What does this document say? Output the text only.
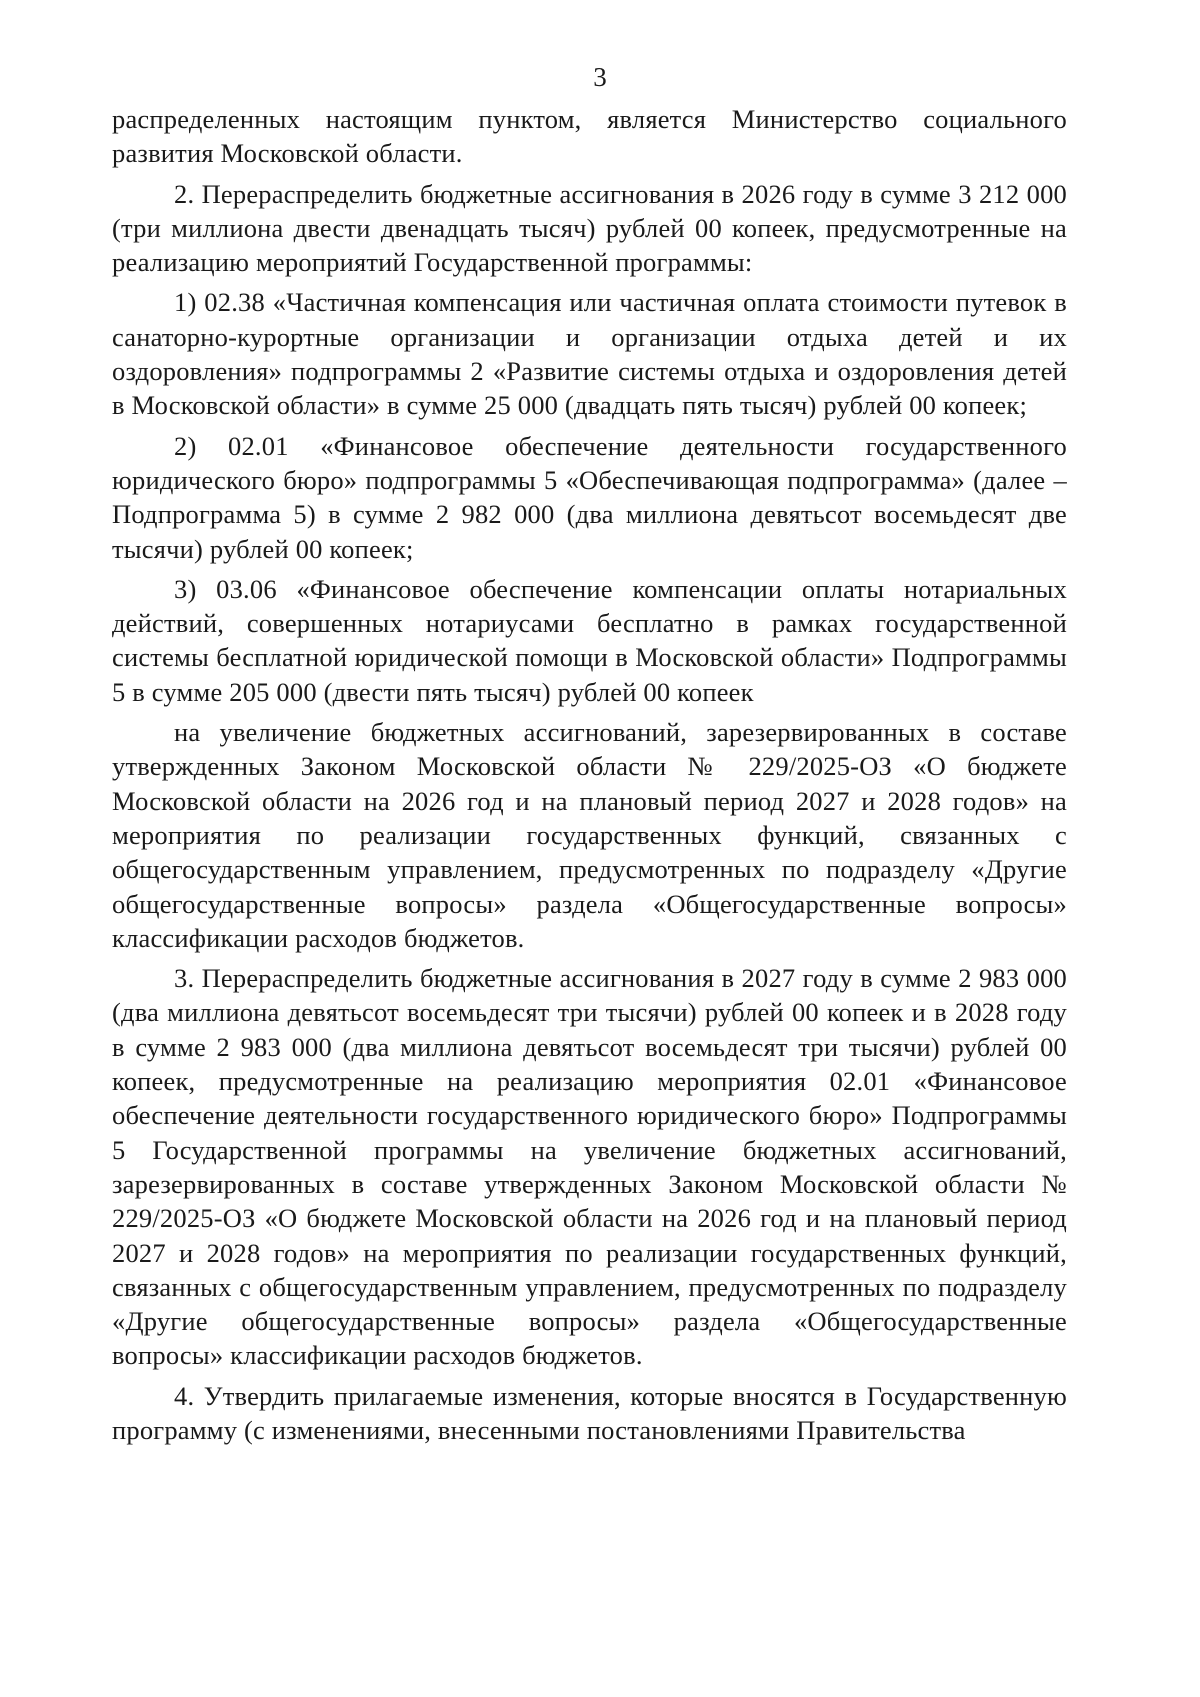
3

распределенных настоящим пунктом, является Министерство социального развития Московской области.

2. Перераспределить бюджетные ассигнования в 2026 году в сумме 3 212 000 (три миллиона двести двенадцать тысяч) рублей 00 копеек, предусмотренные на реализацию мероприятий Государственной программы:

1) 02.38 «Частичная компенсация или частичная оплата стоимости путевок в санаторно-курортные организации и организации отдыха детей и их оздоровления» подпрограммы 2 «Развитие системы отдыха и оздоровления детей в Московской области» в сумме 25 000 (двадцать пять тысяч) рублей 00 копеек;

2) 02.01 «Финансовое обеспечение деятельности государственного юридического бюро» подпрограммы 5 «Обеспечивающая подпрограмма» (далее – Подпрограмма 5) в сумме 2 982 000 (два миллиона девятьсот восемьдесят две тысячи) рублей 00 копеек;

3) 03.06 «Финансовое обеспечение компенсации оплаты нотариальных действий, совершенных нотариусами бесплатно в рамках государственной системы бесплатной юридической помощи в Московской области» Подпрограммы 5 в сумме 205 000 (двести пять тысяч) рублей 00 копеек

на увеличение бюджетных ассигнований, зарезервированных в составе утвержденных Законом Московской области № 229/2025-ОЗ «О бюджете Московской области на 2026 год и на плановый период 2027 и 2028 годов» на мероприятия по реализации государственных функций, связанных с общегосударственным управлением, предусмотренных по подразделу «Другие общегосударственные вопросы» раздела «Общегосударственные вопросы» классификации расходов бюджетов.

3. Перераспределить бюджетные ассигнования в 2027 году в сумме 2 983 000 (два миллиона девятьсот восемьдесят три тысячи) рублей 00 копеек и в 2028 году в сумме 2 983 000 (два миллиона девятьсот восемьдесят три тысячи) рублей 00 копеек, предусмотренные на реализацию мероприятия 02.01 «Финансовое обеспечение деятельности государственного юридического бюро» Подпрограммы 5 Государственной программы на увеличение бюджетных ассигнований, зарезервированных в составе утвержденных Законом Московской области № 229/2025-ОЗ «О бюджете Московской области на 2026 год и на плановый период 2027 и 2028 годов» на мероприятия по реализации государственных функций, связанных с общегосударственным управлением, предусмотренных по подразделу «Другие общегосударственные вопросы» раздела «Общегосударственные вопросы» классификации расходов бюджетов.

4. Утвердить прилагаемые изменения, которые вносятся в Государственную программу (с изменениями, внесенными постановлениями Правительства
